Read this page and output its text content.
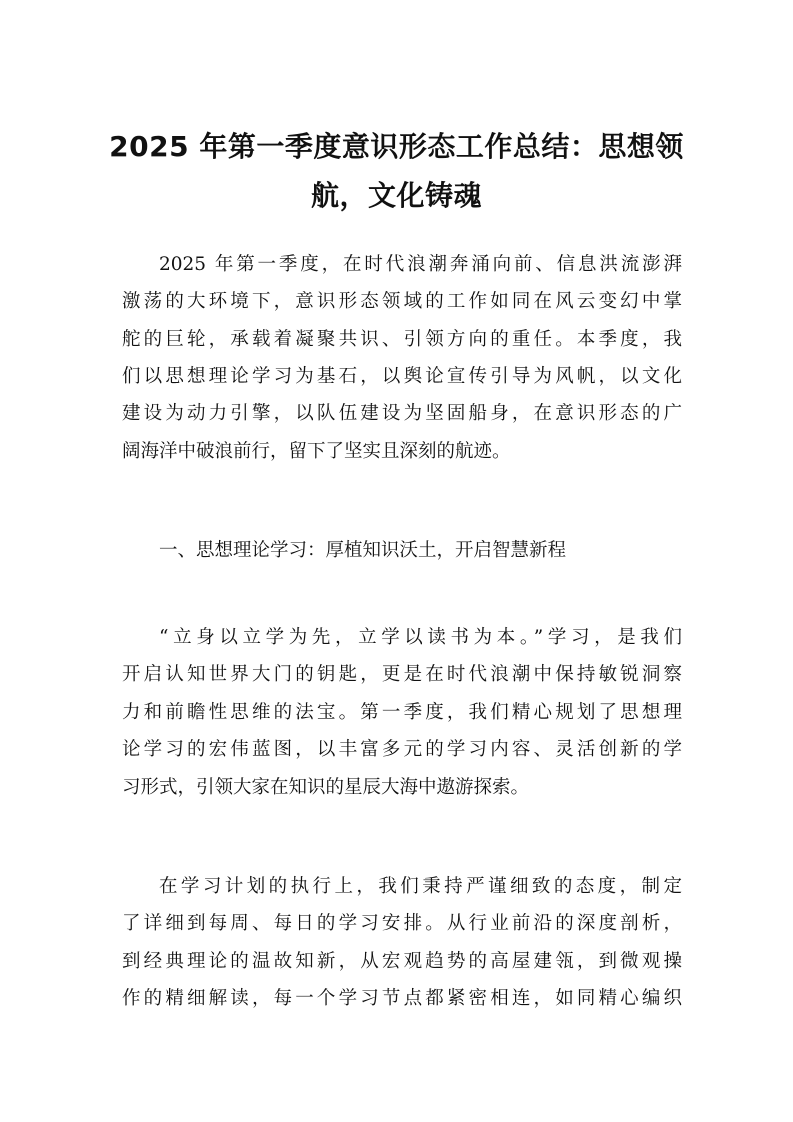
2025 年第一季度意识形态工作总结：思想领
航，文化铸魂
2025 年第一季度，在时代浪潮奔涌向前、信息洪流澎湃
激荡的大环境下，意识形态领域的工作如同在风云变幻中掌
舵的巨轮，承载着凝聚共识、引领方向的重任。本季度，我
们以思想理论学习为基石，以舆论宣传引导为风帆，以文化
建设为动力引擎，以队伍建设为坚固船身，在意识形态的广
阔海洋中破浪前行，留下了坚实且深刻的航迹。
一、思想理论学习：厚植知识沃土，开启智慧新程
“立身以立学为先，立学以读书为本。”学习，是我们
开启认知世界大门的钥匙，更是在时代浪潮中保持敏锐洞察
力和前瞻性思维的法宝。第一季度，我们精心规划了思想理
论学习的宏伟蓝图，以丰富多元的学习内容、灵活创新的学
习形式，引领大家在知识的星辰大海中遨游探索。
在学习计划的执行上，我们秉持严谨细致的态度，制定
了详细到每周、每日的学习安排。从行业前沿的深度剖析，
到经典理论的温故知新，从宏观趋势的高屋建瓴，到微观操
作的精细解读，每一个学习节点都紧密相连，如同精心编织
